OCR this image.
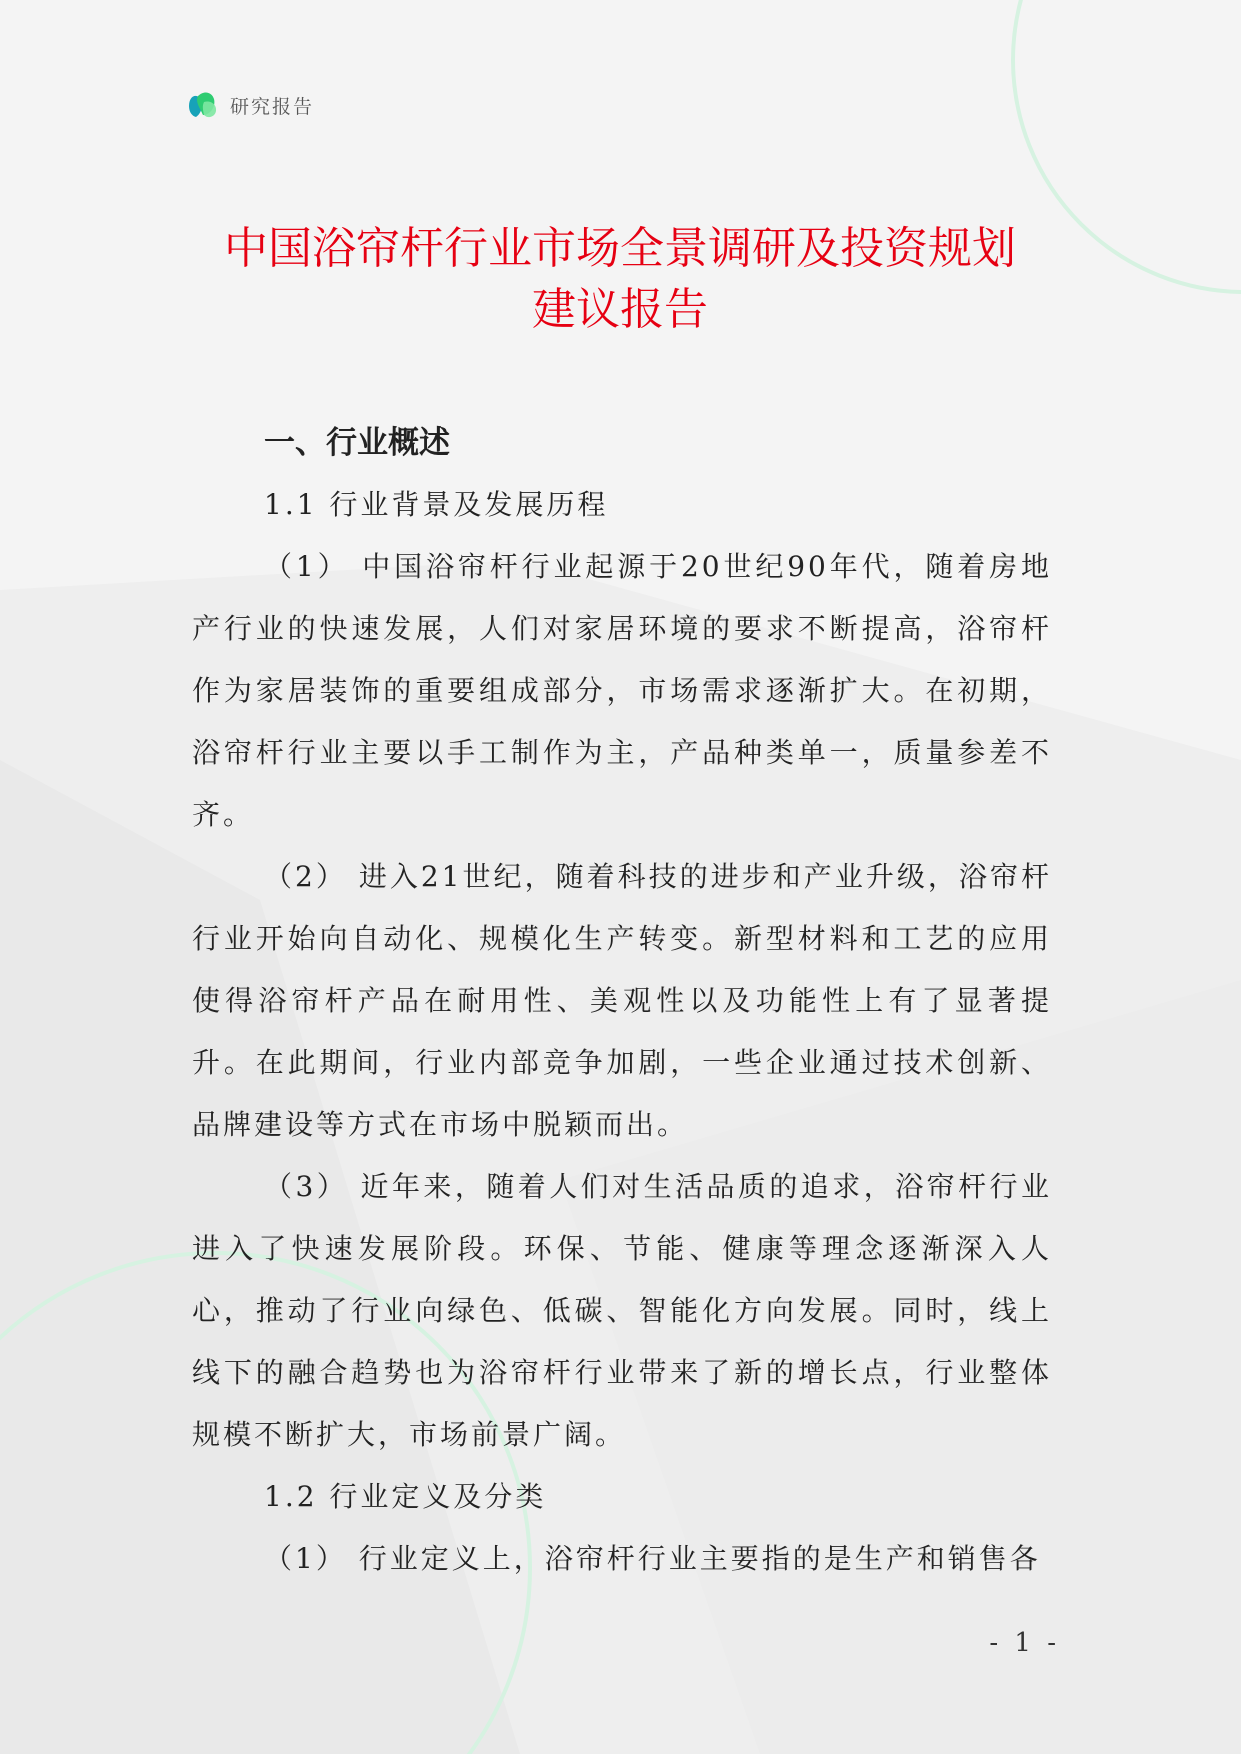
研究报告
中国浴帘杆行业市场全景调研及投资规划
建议报告
一、行业概述
1.1 行业背景及发展历程

（1） 中国浴帘杆行业起源于20世纪90年代，随着房地产行业的快速发展，人们对家居环境的要求不断提高，浴帘杆作为家居装饰的重要组成部分，市场需求逐渐扩大。在初期，浴帘杆行业主要以手工制作为主，产品种类单一，质量参差不齐。

（2） 进入21世纪，随着科技的进步和产业升级，浴帘杆行业开始向自动化、规模化生产转变。新型材料和工艺的应用使得浴帘杆产品在耐用性、美观性以及功能性上有了显著提升。在此期间，行业内部竞争加剧，一些企业通过技术创新、品牌建设等方式在市场中脱颖而出。

（3） 近年来，随着人们对生活品质的追求，浴帘杆行业进入了快速发展阶段。环保、节能、健康等理念逐渐深入人心，推动了行业向绿色、低碳、智能化方向发展。同时，线上线下的融合趋势也为浴帘杆行业带来了新的增长点，行业整体规模不断扩大，市场前景广阔。

1.2 行业定义及分类

（1） 行业定义上，浴帘杆行业主要指的是生产和销售各

- 1 -
